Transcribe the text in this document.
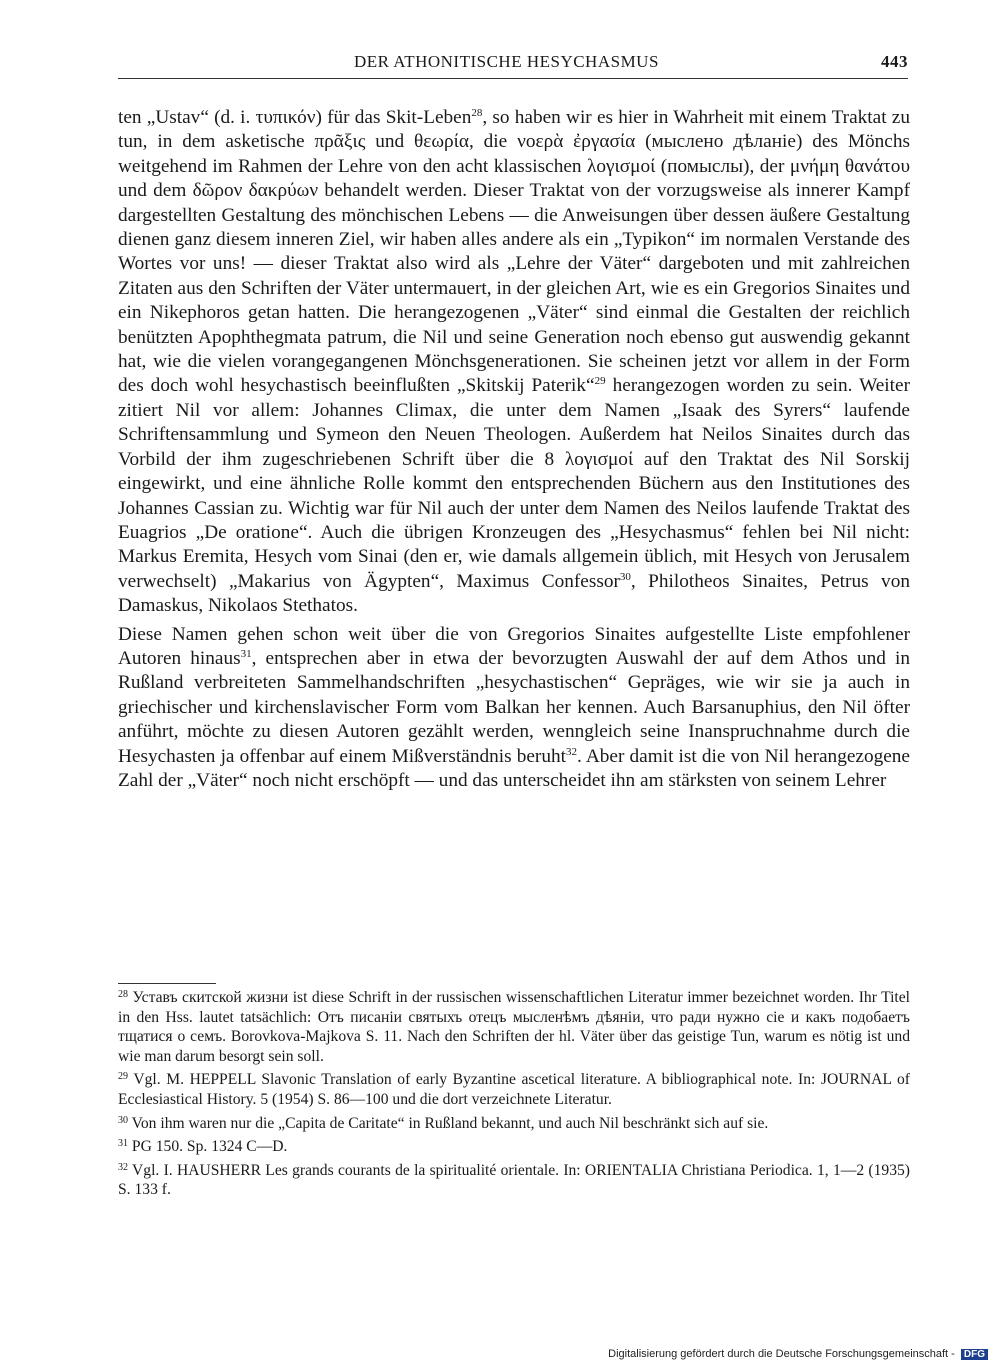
DER ATHONITISCHE HESYCHASMUS	443

ten „Ustav“ (d. i. τυπικόν) für das Skit-Leben$^{28}$, so haben wir es hier in Wahrheit mit einem Traktat zu tun, in dem asketische πρᾶξις und θεωρία, die νοερὰ ἐργασία (мысленo дѣланіе) des Mönchs weitgehend im Rahmen der Lehre von den acht klassischen λογισμοί (помыслы), der μνήμη θανάτου und dem δῶρον δακρύων behandelt werden. Dieser Traktat von der vorzugsweise als innerer Kampf dargestellten Gestaltung des mönchischen Lebens — die Anweisungen über dessen äußere Gestaltung dienen ganz diesem inneren Ziel, wir haben alles andere als ein „Typikon“ im normalen Verstande des Wortes vor uns! — dieser Traktat also wird als „Lehre der Väter“ dargeboten und mit zahlreichen Zitaten aus den Schriften der Väter untermauert, in der gleichen Art, wie es ein Gregorios Sinaites und ein Nikephoros getan hatten. Die herangezogenen „Väter“ sind einmal die Gestalten der reichlich benützten Apophthegmata patrum, die Nil und seine Generation noch ebenso gut auswendig gekannt hat, wie die vielen vorangegangenen Mönchsgenerationen. Sie scheinen jetzt vor allem in der Form des doch wohl hesychastisch beeinflußten „Skitskij Paterik“$^{29}$ herangezogen worden zu sein. Weiter zitiert Nil vor allem: Johannes Climax, die unter dem Namen „Isaak des Syrers“ laufende Schriftensammlung und Symeon den Neuen Theologen. Außerdem hat Neilos Sinaites durch das Vorbild der ihm zugeschriebenen Schrift über die 8 λογισμοί auf den Traktat des Nil Sorskij eingewirkt, und eine ähnliche Rolle kommt den entsprechenden Büchern aus den Institutiones des Johannes Cassian zu. Wichtig war für Nil auch der unter dem Namen des Neilos laufende Traktat des Euagrios „De oratione“. Auch die übrigen Kronzeugen des „Hesychasmus“ fehlen bei Nil nicht: Markus Eremita, Hesych vom Sinai (den er, wie damals allgemein üblich, mit Hesych von Jerusalem verwechselt) „Makarius von Ägypten“, Maximus Confessor$^{30}$, Philotheos Sinaites, Petrus von Damaskus, Nikolaos Stethatos.

Diese Namen gehen schon weit über die von Gregorios Sinaites aufgestellte Liste empfohlener Autoren hinaus$^{31}$, entsprechen aber in etwa der bevorzugten Auswahl der auf dem Athos und in Rußland verbreiteten Sammelhandschriften „hesychastischen“ Gepräges, wie wir sie ja auch in griechischer und kirchenslavischer Form vom Balkan her kennen. Auch Barsanuphius, den Nil öfter anführt, möchte zu diesen Autoren gezählt werden, wenngleich seine Inanspruchnahme durch die Hesychasten ja offenbar auf einem Mißverständnis beruht$^{32}$. Aber damit ist die von Nil herangezogene Zahl der „Väter“ noch nicht erschöpft — und das unterscheidet ihn am stärksten von seinem Lehrer

$^{28}$ Уставъ скитской жизни ist diese Schrift in der russischen wissenschaftlichen Literatur immer bezeichnet worden. Ihr Titel in den Hss. lautet tatsächlich: Отъ писаніи святыхъ отецъ мысленѣмъ дѣяніи, что ради нужно сіе и какъ подобаетъ тщатися о семъ. Borovkova-Majkova S. 11. Nach den Schriften der hl. Väter über das geistige Tun, warum es nötig ist und wie man darum besorgt sein soll.

$^{29}$ Vgl. M. HEPPELL Slavonic Translation of early Byzantine ascetical literature. A bibliographical note. In: JOURNAL of Ecclesiastical History. 5 (1954) S. 86—100 und die dort verzeichnete Literatur.

$^{30}$ Von ihm waren nur die „Capita de Caritate“ in Rußland bekannt, und auch Nil beschränkt sich auf sie.

$^{31}$ PG 150. Sp. 1324 C—D.

$^{32}$ Vgl. I. HAUSHERR Les grands courants de la spiritualité orientale. In: ORIENTALIA Christiana Periodica. 1, 1—2 (1935) S. 133 f.

Digitalisierung gefördert durch die Deutsche Forschungsgemeinschaft - DFG
